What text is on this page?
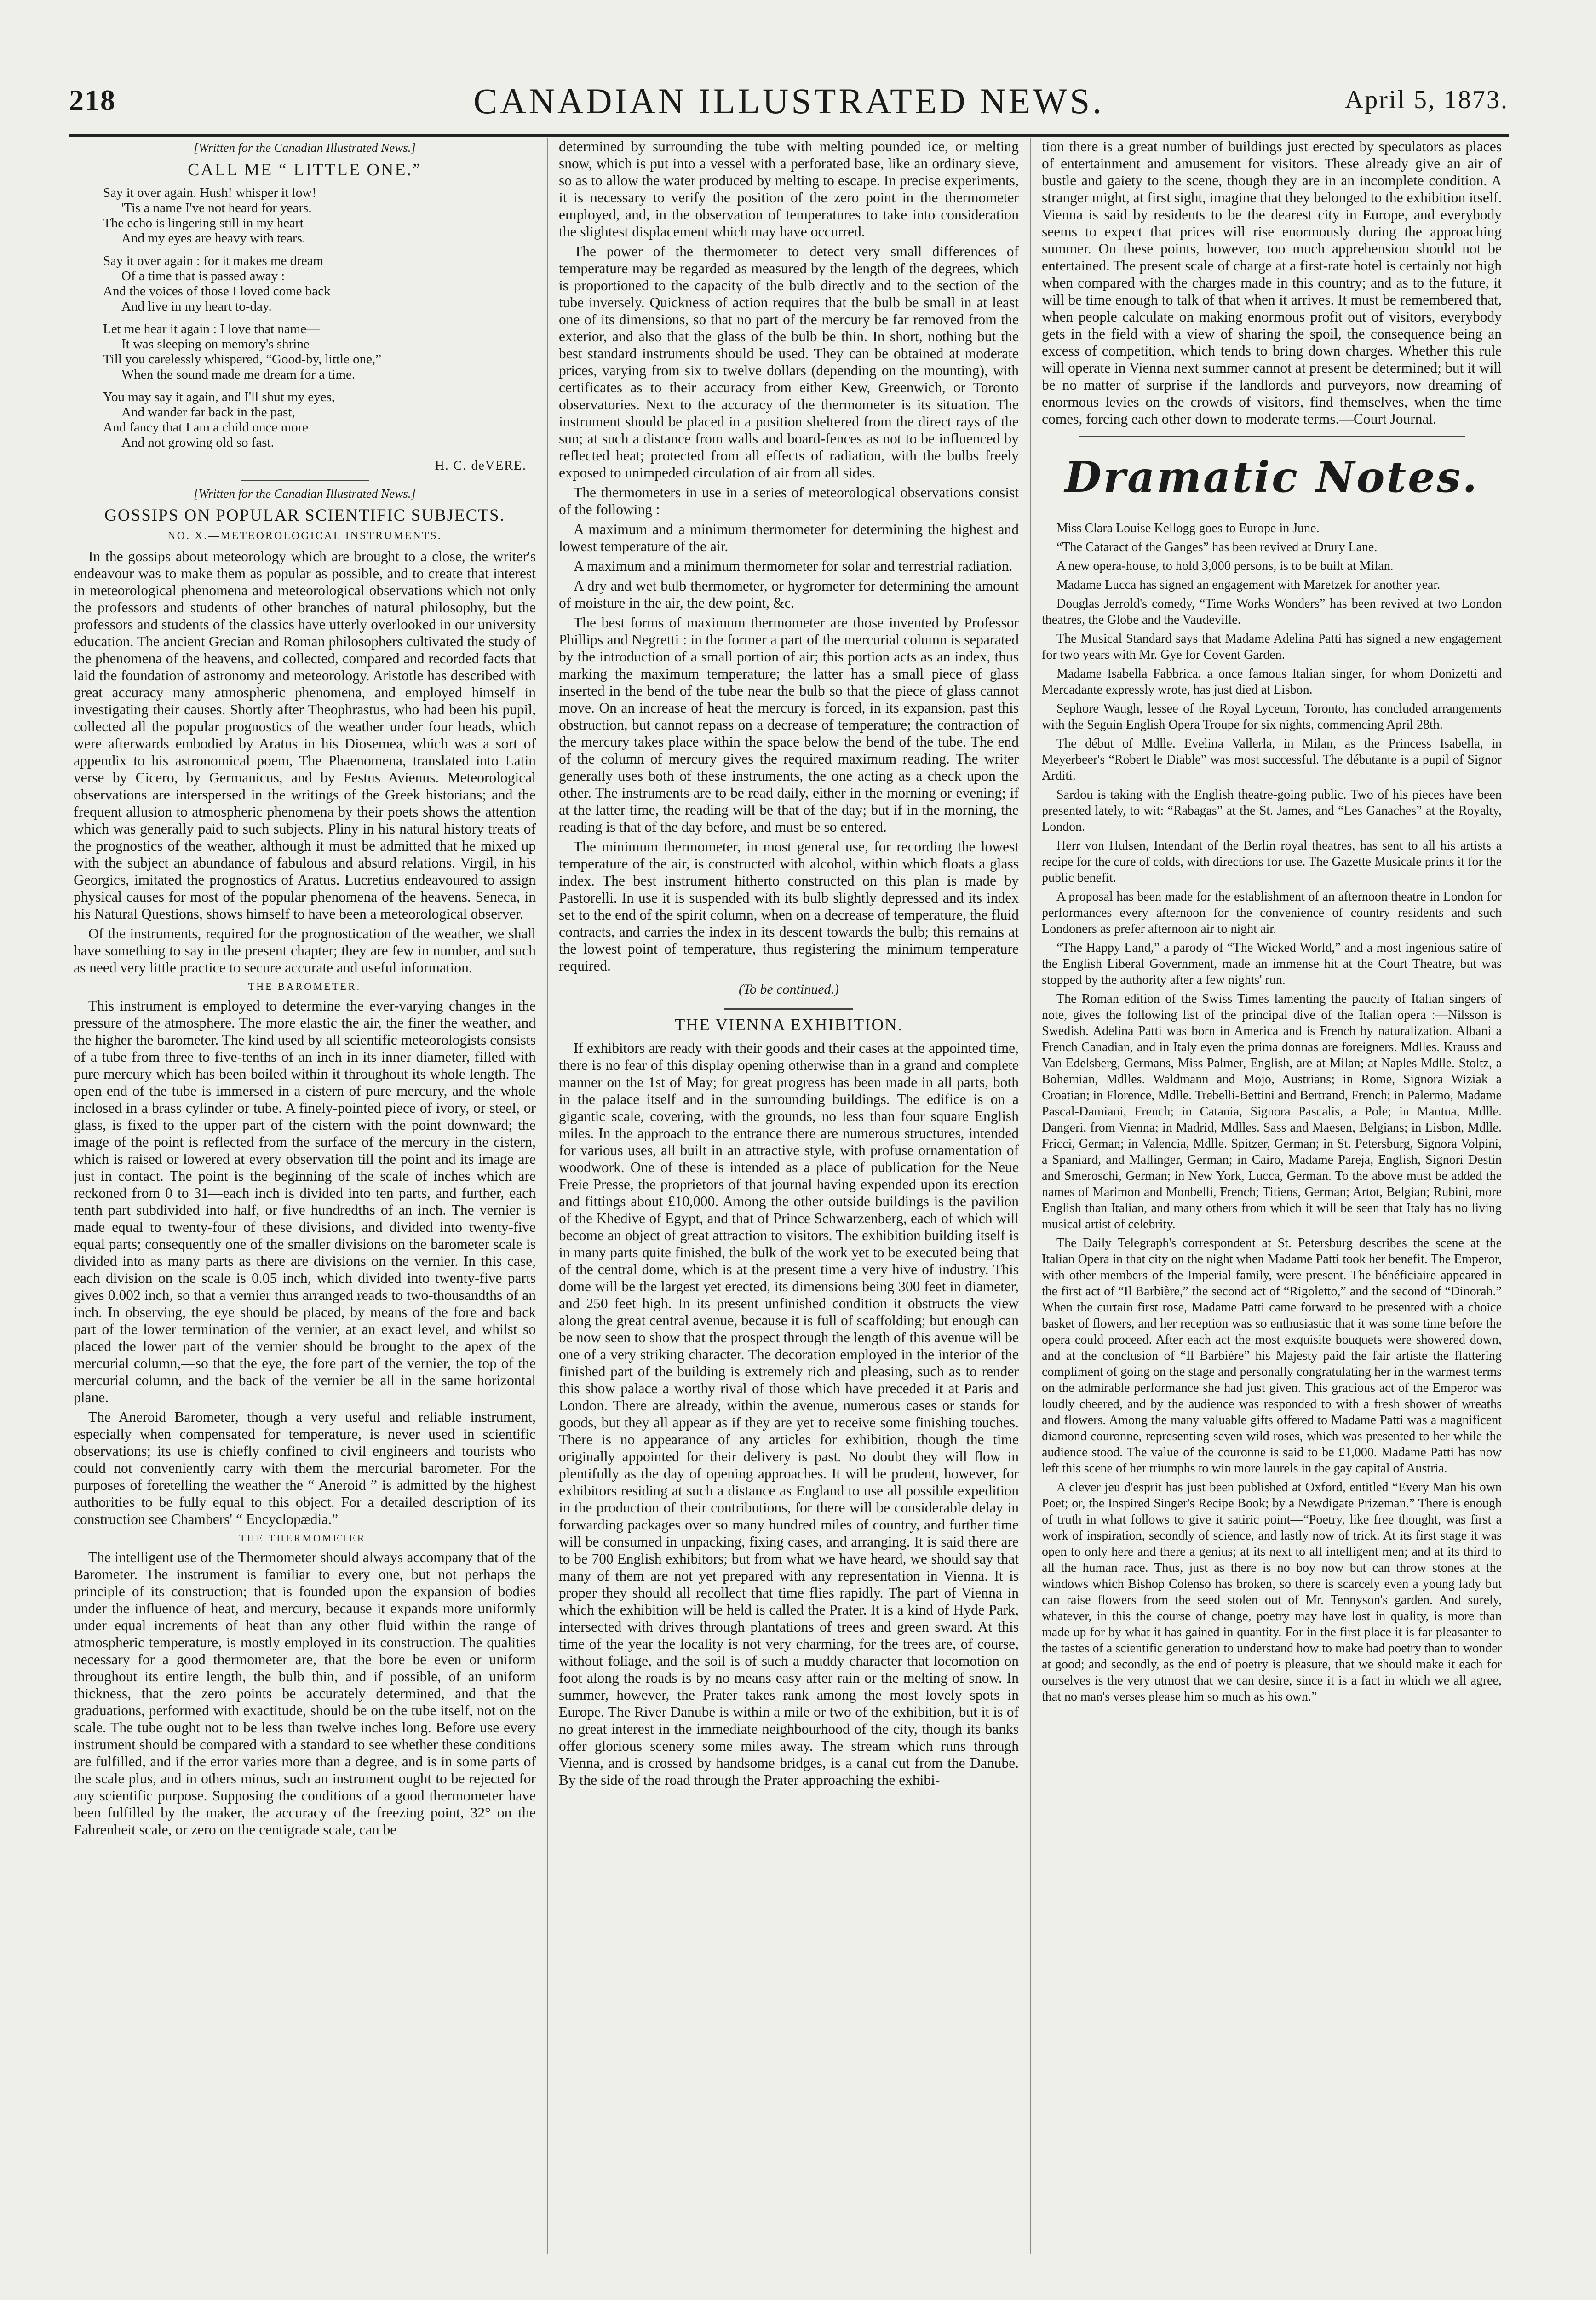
218	CANADIAN ILLUSTRATED NEWS.	April 5, 1873.
[Written for the Canadian Illustrated News.]
CALL ME “ LITTLE ONE.”
Say it over again. Hush! whisper it low!
'Tis a name I've not heard for years.
The echo is lingering still in my heart
And my eyes are heavy with tears.
Say it over again : for it makes me dream
Of a time that is passed away :
And the voices of those I loved come back
And live in my heart to-day.
Let me hear it again : I love that name—
It was sleeping on memory's shrine
Till you carelessly whispered, “Good-by, little one,”
When the sound made me dream for a time.
You may say it again, and I'll shut my eyes,
And wander far back in the past,
And fancy that I am a child once more
And not growing old so fast.
H. C. deVERE.
[Written for the Canadian Illustrated News.]
GOSSIPS ON POPULAR SCIENTIFIC SUBJECTS.
NO. X.—METEOROLOGICAL INSTRUMENTS.

In the gossips about meteorology which are brought to a close, the writer's endeavour was to make them as popular as possible, and to create that interest in meteorological phenomena and meteorological observations which not only the professors and students of other branches of natural philosophy, but the professors and students of the classics have utterly overlooked in our university education. The ancient Grecian and Roman philosophers cultivated the study of the phenomena of the heavens, and collected, compared and recorded facts that laid the foundation of astronomy and meteorology. Aristotle has described with great accuracy many atmospheric phenomena, and employed himself in investigating their causes. Shortly after Theophrastus, who had been his pupil, collected all the popular prognostics of the weather under four heads, which were afterwards embodied by Aratus in his Diosemea, which was a sort of appendix to his astronomical poem, The Phaenomena, translated into Latin verse by Cicero, by Germanicus, and by Festus Avienus. Meteorological observations are interspersed in the writings of the Greek historians; and the frequent allusion to atmospheric phenomena by their poets shows the attention which was generally paid to such subjects. Pliny in his natural history treats of the prognostics of the weather, although it must be admitted that he mixed up with the subject an abundance of fabulous and absurd relations. Virgil, in his Georgics, imitated the prognostics of Aratus. Lucretius endeavoured to assign physical causes for most of the popular phenomena of the heavens. Seneca, in his Natural Questions, shows himself to have been a meteorological observer.

Of the instruments, required for the prognostication of the weather, we shall have something to say in the present chapter; they are few in number, and such as need very little practice to secure accurate and useful information.

THE BAROMETER.

This instrument is employed to determine the ever-varying changes in the pressure of the atmosphere. The more elastic the air, the finer the weather, and the higher the barometer. The kind used by all scientific meteorologists consists of a tube from three to five-tenths of an inch in its inner diameter, filled with pure mercury which has been boiled within it throughout its whole length. The open end of the tube is immersed in a cistern of pure mercury, and the whole inclosed in a brass cylinder or tube. A finely-pointed piece of ivory, or steel, or glass, is fixed to the upper part of the cistern with the point downward; the image of the point is reflected from the surface of the mercury in the cistern, which is raised or lowered at every observation till the point and its image are just in contact. The point is the beginning of the scale of inches which are reckoned from 0 to 31—each inch is divided into ten parts, and further, each tenth part subdivided into half, or five hundredths of an inch. The vernier is made equal to twenty-four of these divisions, and divided into twenty-five equal parts; consequently one of the smaller divisions on the barometer scale is divided into as many parts as there are divisions on the vernier. In this case, each division on the scale is 0.05 inch, which divided into twenty-five parts gives 0.002 inch, so that a vernier thus arranged reads to two-thousandths of an inch. In observing, the eye should be placed, by means of the fore and back part of the lower termination of the vernier, at an exact level, and whilst so placed the lower part of the vernier should be brought to the apex of the mercurial column,—so that the eye, the fore part of the vernier, the top of the mercurial column, and the back of the vernier be all in the same horizontal plane.

The Aneroid Barometer, though a very useful and reliable instrument, especially when compensated for temperature, is never used in scientific observations; its use is chiefly confined to civil engineers and tourists who could not conveniently carry with them the mercurial barometer. For the purposes of foretelling the weather the “ Aneroid ” is admitted by the highest authorities to be fully equal to this object. For a detailed description of its construction see Chambers' “ Encyclopædia.”

THE THERMOMETER.

The intelligent use of the Thermometer should always accompany that of the Barometer. The instrument is familiar to every one, but not perhaps the principle of its construction; that is founded upon the expansion of bodies under the influence of heat, and mercury, because it expands more uniformly under equal increments of heat than any other fluid within the range of atmospheric temperature, is mostly employed in its construction. The qualities necessary for a good thermometer are, that the bore be even or uniform throughout its entire length, the bulb thin, and if possible, of an uniform thickness, that the zero points be accurately determined, and that the graduations, performed with exactitude, should be on the tube itself, not on the scale. The tube ought not to be less than twelve inches long. Before use every instrument should be compared with a standard to see whether these conditions are fulfilled, and if the error varies more than a degree, and is in some parts of the scale plus, and in others minus, such an instrument ought to be rejected for any scientific purpose. Supposing the conditions of a good thermometer have been fulfilled by the maker, the accuracy of the freezing point, 32° on the Fahrenheit scale, or zero on the centigrade scale, can be

determined by surrounding the tube with melting pounded ice, or melting snow, which is put into a vessel with a perforated base, like an ordinary sieve, so as to allow the water produced by melting to escape. In precise experiments, it is necessary to verify the position of the zero point in the thermometer employed, and, in the observation of temperatures to take into consideration the slightest displacement which may have occurred.

The power of the thermometer to detect very small differences of temperature may be regarded as measured by the length of the degrees, which is proportioned to the capacity of the bulb directly and to the section of the tube inversely. Quickness of action requires that the bulb be small in at least one of its dimensions, so that no part of the mercury be far removed from the exterior, and also that the glass of the bulb be thin. In short, nothing but the best standard instruments should be used. They can be obtained at moderate prices, varying from six to twelve dollars (depending on the mounting), with certificates as to their accuracy from either Kew, Greenwich, or Toronto observatories. Next to the accuracy of the thermometer is its situation. The instrument should be placed in a position sheltered from the direct rays of the sun; at such a distance from walls and board-fences as not to be influenced by reflected heat; protected from all effects of radiation, with the bulbs freely exposed to unimpeded circulation of air from all sides.

The thermometers in use in a series of meteorological observations consist of the following :

A maximum and a minimum thermometer for determining the highest and lowest temperature of the air.

A maximum and a minimum thermometer for solar and terrestrial radiation.

A dry and wet bulb thermometer, or hygrometer for determining the amount of moisture in the air, the dew point, &c.

The best forms of maximum thermometer are those invented by Professor Phillips and Negretti : in the former a part of the mercurial column is separated by the introduction of a small portion of air; this portion acts as an index, thus marking the maximum temperature; the latter has a small piece of glass inserted in the bend of the tube near the bulb so that the piece of glass cannot move. On an increase of heat the mercury is forced, in its expansion, past this obstruction, but cannot repass on a decrease of temperature; the contraction of the mercury takes place within the space below the bend of the tube. The end of the column of mercury gives the required maximum reading. The writer generally uses both of these instruments, the one acting as a check upon the other. The instruments are to be read daily, either in the morning or evening; if at the latter time, the reading will be that of the day; but if in the morning, the reading is that of the day before, and must be so entered.

The minimum thermometer, in most general use, for recording the lowest temperature of the air, is constructed with alcohol, within which floats a glass index. The best instrument hitherto constructed on this plan is made by Pastorelli. In use it is suspended with its bulb slightly depressed and its index set to the end of the spirit column, when on a decrease of temperature, the fluid contracts, and carries the index in its descent towards the bulb; this remains at the lowest point of temperature, thus registering the minimum temperature required.

(To be continued.)
THE VIENNA EXHIBITION.

If exhibitors are ready with their goods and their cases at the appointed time, there is no fear of this display opening otherwise than in a grand and complete manner on the 1st of May; for great progress has been made in all parts, both in the palace itself and in the surrounding buildings. The edifice is on a gigantic scale, covering, with the grounds, no less than four square English miles. In the approach to the entrance there are numerous structures, intended for various uses, all built in an attractive style, with profuse ornamentation of woodwork. One of these is intended as a place of publication for the Neue Freie Presse, the proprietors of that journal having expended upon its erection and fittings about £10,000. Among the other outside buildings is the pavilion of the Khedive of Egypt, and that of Prince Schwarzenberg, each of which will become an object of great attraction to visitors. The exhibition building itself is in many parts quite finished, the bulk of the work yet to be executed being that of the central dome, which is at the present time a very hive of industry. This dome will be the largest yet erected, its dimensions being 300 feet in diameter, and 250 feet high. In its present unfinished condition it obstructs the view along the great central avenue, because it is full of scaffolding; but enough can be now seen to show that the prospect through the length of this avenue will be one of a very striking character. The decoration employed in the interior of the finished part of the building is extremely rich and pleasing, such as to render this show palace a worthy rival of those which have preceded it at Paris and London. There are already, within the avenue, numerous cases or stands for goods, but they all appear as if they are yet to receive some finishing touches. There is no appearance of any articles for exhibition, though the time originally appointed for their delivery is past. No doubt they will flow in plentifully as the day of opening approaches. It will be prudent, however, for exhibitors residing at such a distance as England to use all possible expedition in the production of their contributions, for there will be considerable delay in forwarding packages over so many hundred miles of country, and further time will be consumed in unpacking, fixing cases, and arranging. It is said there are to be 700 English exhibitors; but from what we have heard, we should say that many of them are not yet prepared with any representation in Vienna. It is proper they should all recollect that time flies rapidly. The part of Vienna in which the exhibition will be held is called the Prater. It is a kind of Hyde Park, intersected with drives through plantations of trees and green sward. At this time of the year the locality is not very charming, for the trees are, of course, without foliage, and the soil is of such a muddy character that locomotion on foot along the roads is by no means easy after rain or the melting of snow. In summer, however, the Prater takes rank among the most lovely spots in Europe. The River Danube is within a mile or two of the exhibition, but it is of no great interest in the immediate neighbourhood of the city, though its banks offer glorious scenery some miles away. The stream which runs through Vienna, and is crossed by handsome bridges, is a canal cut from the Danube. By the side of the road through the Prater approaching the exhibi-

tion there is a great number of buildings just erected by speculators as places of entertainment and amusement for visitors. These already give an air of bustle and gaiety to the scene, though they are in an incomplete condition. A stranger might, at first sight, imagine that they belonged to the exhibition itself. Vienna is said by residents to be the dearest city in Europe, and everybody seems to expect that prices will rise enormously during the approaching summer. On these points, however, too much apprehension should not be entertained. The present scale of charge at a first-rate hotel is certainly not high when compared with the charges made in this country; and as to the future, it will be time enough to talk of that when it arrives. It must be remembered that, when people calculate on making enormous profit out of visitors, everybody gets in the field with a view of sharing the spoil, the consequence being an excess of competition, which tends to bring down charges. Whether this rule will operate in Vienna next summer cannot at present be determined; but it will be no matter of surprise if the landlords and purveyors, now dreaming of enormous levies on the crowds of visitors, find themselves, when the time comes, forcing each other down to moderate terms.—Court Journal.

Dramatic Notes.

Miss Clara Louise Kellogg goes to Europe in June.

“The Cataract of the Ganges” has been revived at Drury Lane.

A new opera-house, to hold 3,000 persons, is to be built at Milan.

Madame Lucca has signed an engagement with Maretzek for another year.

Douglas Jerrold's comedy, “Time Works Wonders” has been revived at two London theatres, the Globe and the Vaudeville.

The Musical Standard says that Madame Adelina Patti has signed a new engagement for two years with Mr. Gye for Covent Garden.

Madame Isabella Fabbrica, a once famous Italian singer, for whom Donizetti and Mercadante expressly wrote, has just died at Lisbon.

Sephore Waugh, lessee of the Royal Lyceum, Toronto, has concluded arrangements with the Seguin English Opera Troupe for six nights, commencing April 28th.

The début of Mdlle. Evelina Vallerla, in Milan, as the Princess Isabella, in Meyerbeer's “Robert le Diable” was most successful. The débutante is a pupil of Signor Arditi.

Sardou is taking with the English theatre-going public. Two of his pieces have been presented lately, to wit: “Rabagas” at the St. James, and “Les Ganaches” at the Royalty, London.

Herr von Hulsen, Intendant of the Berlin royal theatres, has sent to all his artists a recipe for the cure of colds, with directions for use. The Gazette Musicale prints it for the public benefit.

A proposal has been made for the establishment of an afternoon theatre in London for performances every afternoon for the convenience of country residents and such Londoners as prefer afternoon air to night air.

“The Happy Land,” a parody of “The Wicked World,” and a most ingenious satire of the English Liberal Government, made an immense hit at the Court Theatre, but was stopped by the authority after a few nights' run.

The Roman edition of the Swiss Times lamenting the paucity of Italian singers of note, gives the following list of the principal dive of the Italian opera :—Nilsson is Swedish. Adelina Patti was born in America and is French by naturalization. Albani a French Canadian, and in Italy even the prima donnas are foreigners. Mdlles. Krauss and Van Edelsberg, Germans, Miss Palmer, English, are at Milan; at Naples Mdlle. Stoltz, a Bohemian, Mdlles. Waldmann and Mojo, Austrians; in Rome, Signora Wiziak a Croatian; in Florence, Mdlle. Trebelli-Bettini and Bertrand, French; in Palermo, Madame Pascal-Damiani, French; in Catania, Signora Pascalis, a Pole; in Mantua, Mdlle. Dangeri, from Vienna; in Madrid, Mdlles. Sass and Maesen, Belgians; in Lisbon, Mdlle. Fricci, German; in Valencia, Mdlle. Spitzer, German; in St. Petersburg, Signora Volpini, a Spaniard, and Mallinger, German; in Cairo, Madame Pareja, English, Signori Destin and Smeroschi, German; in New York, Lucca, German. To the above must be added the names of Marimon and Monbelli, French; Titiens, German; Artot, Belgian; Rubini, more English than Italian, and many others from which it will be seen that Italy has no living musical artist of celebrity.

The Daily Telegraph's correspondent at St. Petersburg describes the scene at the Italian Opera in that city on the night when Madame Patti took her benefit. The Emperor, with other members of the Imperial family, were present. The bénéficiaire appeared in the first act of “Il Barbière,” the second act of “Rigoletto,” and the second of “Dinorah.” When the curtain first rose, Madame Patti came forward to be presented with a choice basket of flowers, and her reception was so enthusiastic that it was some time before the opera could proceed. After each act the most exquisite bouquets were showered down, and at the conclusion of “Il Barbière” his Majesty paid the fair artiste the flattering compliment of going on the stage and personally congratulating her in the warmest terms on the admirable performance she had just given. This gracious act of the Emperor was loudly cheered, and by the audience was responded to with a fresh shower of wreaths and flowers. Among the many valuable gifts offered to Madame Patti was a magnificent diamond couronne, representing seven wild roses, which was presented to her while the audience stood. The value of the couronne is said to be £1,000. Madame Patti has now left this scene of her triumphs to win more laurels in the gay capital of Austria.

A clever jeu d'esprit has just been published at Oxford, entitled “Every Man his own Poet; or, the Inspired Singer's Recipe Book; by a Newdigate Prizeman.” There is enough of truth in what follows to give it satiric point—“Poetry, like free thought, was first a work of inspiration, secondly of science, and lastly now of trick. At its first stage it was open to only here and there a genius; at its next to all intelligent men; and at its third to all the human race. Thus, just as there is no boy now but can throw stones at the windows which Bishop Colenso has broken, so there is scarcely even a young lady but can raise flowers from the seed stolen out of Mr. Tennyson's garden. And surely, whatever, in this the course of change, poetry may have lost in quality, is more than made up for by what it has gained in quantity. For in the first place it is far pleasanter to the tastes of a scientific generation to understand how to make bad poetry than to wonder at good; and secondly, as the end of poetry is pleasure, that we should make it each for ourselves is the very utmost that we can desire, since it is a fact in which we all agree, that no man's verses please him so much as his own.”
